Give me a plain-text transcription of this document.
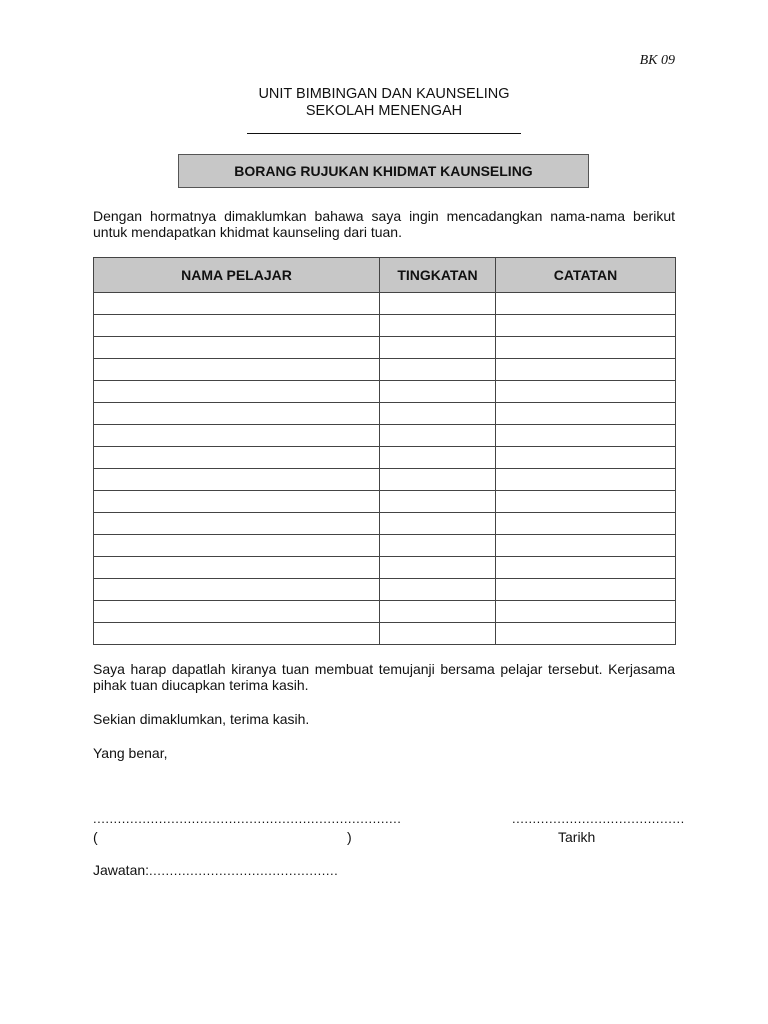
BK 09
UNIT BIMBINGAN DAN KAUNSELING
SEKOLAH MENENGAH
BORANG RUJUKAN KHIDMAT KAUNSELING

Dengan hormatnya dimaklumkan bahawa saya ingin mencadangkan nama-nama berikut untuk mendapatkan khidmat kaunseling dari tuan.

NAMA PELAJAR	TINGKATAN	CATATAN

Saya harap dapatlah kiranya tuan membuat temujanji bersama pelajar tersebut. Kerjasama pihak tuan diucapkan terima kasih.

Sekian dimaklumkan, terima kasih.

Yang benar,

...........................................................................
(	)
..........................................
Tarikh
Jawatan:..............................................
